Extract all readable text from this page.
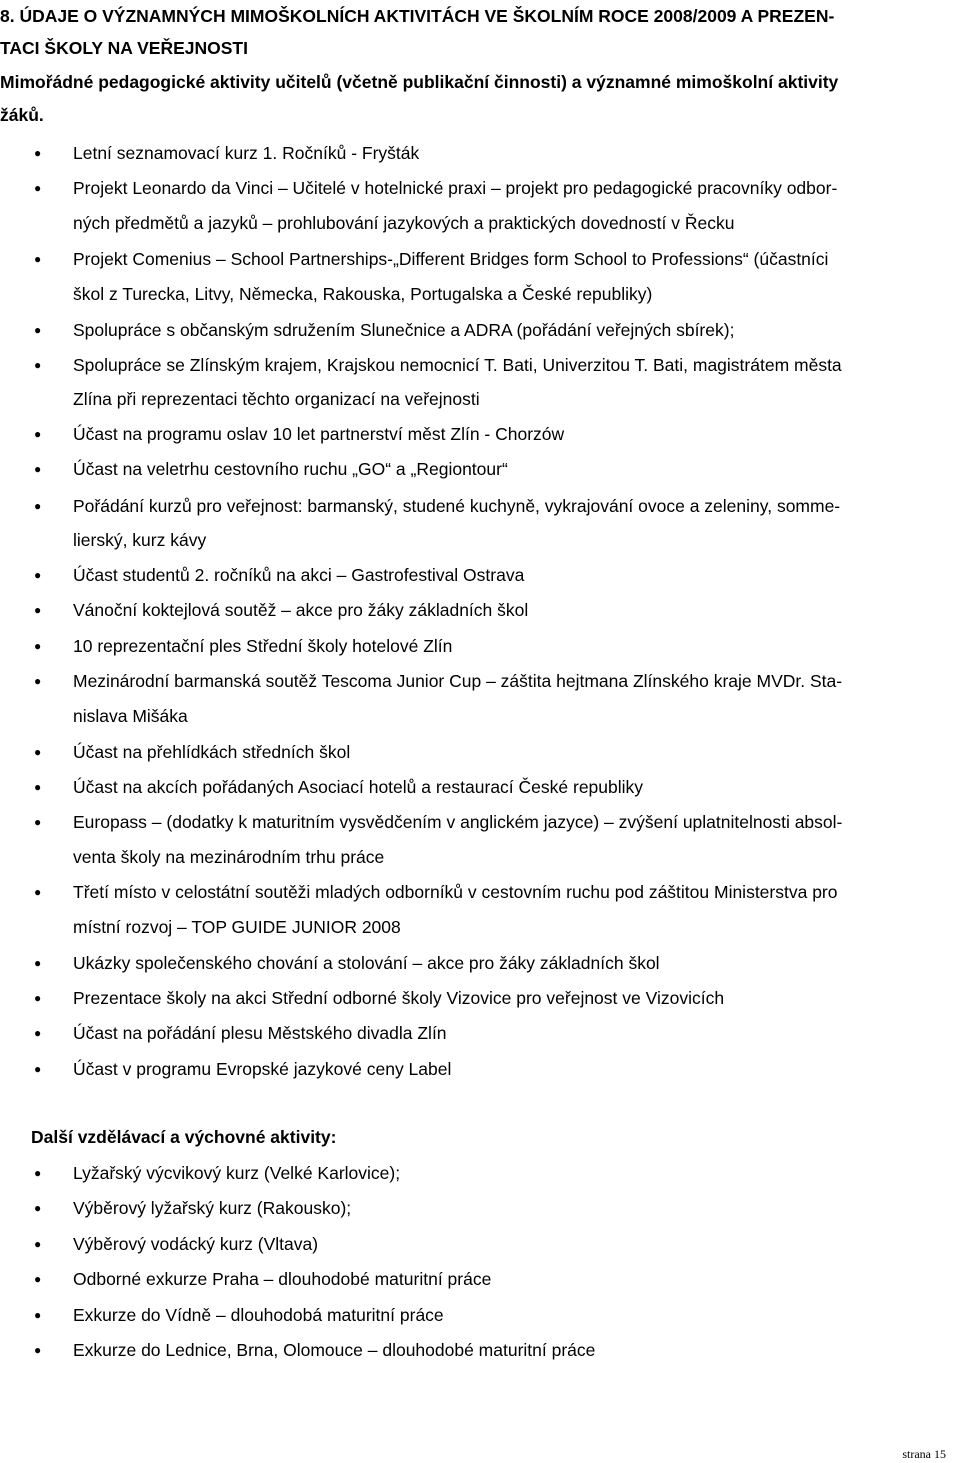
8. ÚDAJE O VÝZNAMNÝCH MIMOŠKOLNÍCH AKTIVITÁCH VE ŠKOLNÍM ROCE 2008/2009 A PREZEN-
TACI ŠKOLY NA VEŘEJNOSTI
Mimořádné pedagogické aktivity učitelů (včetně publikační činnosti) a významné mimoškolní aktivity
žáků.
● Letní seznamovací kurz 1. Ročníků - Fryšták
● Projekt Leonardo da Vinci – Učitelé v hotelnické praxi – projekt pro pedagogické pracovníky odbor-
ných předmětů a jazyků – prohlubování jazykových a praktických dovedností v Řecku
● Projekt Comenius – School Partnerships-„Different Bridges form School to Professions“ (účastníci
škol z Turecka, Litvy, Německa, Rakouska, Portugalska a České republiky)
● Spolupráce s občanským sdružením Slunečnice a ADRA (pořádání veřejných sbírek);
● Spolupráce se Zlínským krajem, Krajskou nemocnicí T. Bati, Univerzitou T. Bati, magistrátem města
Zlína při reprezentaci těchto organizací na veřejnosti
● Účast na programu oslav 10 let partnerství měst Zlín - Chorzów
● Účast na veletrhu cestovního ruchu „GO“ a „Regiontour“
● Pořádání kurzů pro veřejnost: barmanský, studené kuchyně, vykrajování ovoce a zeleniny, somme-
lierský, kurz kávy
● Účast studentů 2. ročníků na akci – Gastrofestival Ostrava
● Vánoční koktejlová soutěž – akce pro žáky základních škol
● 10 reprezentační ples Střední školy hotelové Zlín
● Mezinárodní barmanská soutěž Tescoma Junior Cup – záštita hejtmana Zlínského kraje MVDr. Sta-
nislava Mišáka
● Účast na přehlídkách středních škol
● Účast na akcích pořádaných Asociací hotelů a restaurací České republiky
● Europass – (dodatky k maturitním vysvědčením v anglickém jazyce) – zvýšení uplatnitelnosti absol-
venta školy na mezinárodním trhu práce
● Třetí místo v celostátní soutěži mladých odborníků v cestovním ruchu pod záštitou Ministerstva pro
místní rozvoj – TOP GUIDE JUNIOR 2008
● Ukázky společenského chování a stolování – akce pro žáky základních škol
● Prezentace školy na akci Střední odborné školy Vizovice pro veřejnost ve Vizovicích
● Účast na pořádání plesu Městského divadla Zlín
● Účast v programu Evropské jazykové ceny Label
Další vzdělávací a výchovné aktivity:
● Lyžařský výcvikový kurz (Velké Karlovice);
● Výběrový lyžařský kurz (Rakousko);
● Výběrový vodácký kurz (Vltava)
● Odborné exkurze Praha – dlouhodobé maturitní práce
● Exkurze do Vídně – dlouhodobá maturitní práce
● Exkurze do Lednice, Brna, Olomouce – dlouhodobé maturitní práce
strana 15
